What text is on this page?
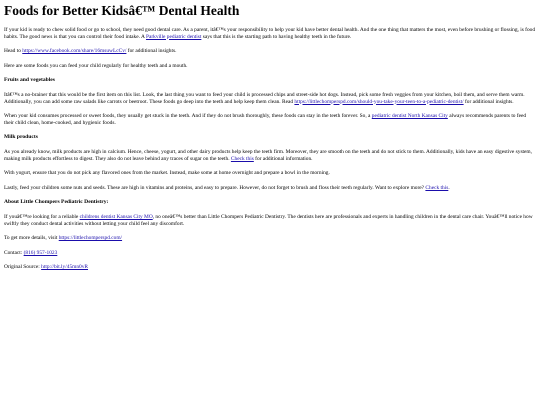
Foods for Better Kidsâ€™ Dental Health

If your kid is ready to chew solid food or go to school, they need good dental care. As a parent, itâ€™s your responsibility to help your kid have better dental health. And the one thing that matters the most, even before brushing or flossing, is food habits. The good news is that you can control their food intake. A Parkville pediatric dentist says that this is the starting path to having healthy teeth in the future.

Head to https://www.facebook.com/share/16msuwLcCv/ for additional insights.

Here are some foods you can feed your child regularly for healthy teeth and a mouth.

Fruits and vegetables

Itâ€™s a no-brainer that this would be the first item on this list. Look, the last thing you want to feed your child is processed chips and street-side hot dogs. Instead, pick some fresh veggies from your kitchen, boil them, and serve them warm. Additionally, you can add some raw salads like carrots or beetroot. These foods go deep into the teeth and help keep them clean. Read https://littlechomperspd.com/should-you-take-your-teen-to-a-pediatric-dentist/ for additional insights.

When your kid consumes processed or sweet foods, they usually get stuck in the teeth. And if they do not brush thoroughly, these foods can stay in the teeth forever. So, a pediatric dentist North Kansas City always recommends parents to feed their child clean, home-cooked, and hygienic foods.

Milk products

As you already know, milk products are high in calcium. Hence, cheese, yogurt, and other dairy products help keep the teeth firm. Moreover, they are smooth on the teeth and do not stick to them. Additionally, kids have an easy digestive system, making milk products effortless to digest. They also do not leave behind any traces of sugar on the teeth. Check this for additional information.

With yogurt, ensure that you do not pick any flavored ones from the market. Instead, make some at home overnight and prepare a bowl in the morning.

Lastly, feed your children some nuts and seeds. These are high in vitamins and proteins, and easy to prepare. However, do not forget to brush and floss their teeth regularly. Want to explore more? Check this.

About Little Chompers Pediatric Dentistry:

If youâ€™re looking for a reliable childrens dentist Kansas City MO, no oneâ€™s better than Little Chompers Pediatric Dentistry. The dentists here are professionals and experts in handling children in the dental care chair. Youâ€™ll notice how swiftly they conduct dental activities without letting your child feel any discomfort.

To get more details, visit https://littlechomperspd.com/

Contact: (816) 957-1023

Original Source: http://bit.ly/45mn0vR
